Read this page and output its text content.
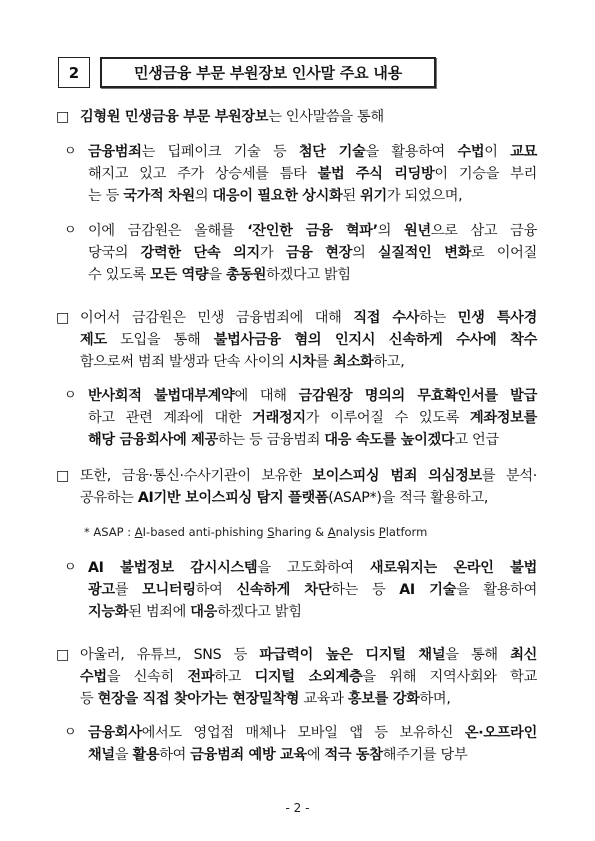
2	민생금융 부문 부원장보 인사말 주요 내용
□ 김형원 민생금융 부문 부원장보는 인사말씀을 통해
ㅇ 금융범죄는 딥페이크 기술 등 첨단 기술을 활용하여 수법이 교묘
해지고 있고 주가 상승세를 틈타 불법 주식 리딩방이 기승을 부리
는 등 국가적 차원의 대응이 필요한 상시화된 위기가 되었으며,
ㅇ 이에 금감원은 올해를 ‘잔인한 금융 혁파’의 원년으로 삼고 금융
당국의 강력한 단속 의지가 금융 현장의 실질적인 변화로 이어질
수 있도록 모든 역량을 총동원하겠다고 밝힘
□ 이어서 금감원은 민생 금융범죄에 대해 직접 수사하는 민생 특사경
제도 도입을 통해 불법사금융 혐의 인지시 신속하게 수사에 착수
함으로써 범죄 발생과 단속 사이의 시차를 최소화하고,
ㅇ 반사회적 불법대부계약에 대해 금감원장 명의의 무효확인서를 발급
하고 관련 계좌에 대한 거래정지가 이루어질 수 있도록 계좌정보를
해당 금융회사에 제공하는 등 금융범죄 대응 속도를 높이겠다고 언급
□ 또한, 금융·통신·수사기관이 보유한 보이스피싱 범죄 의심정보를 분석·
공유하는 AI기반 보이스피싱 탐지 플랫폼(ASAP*)을 적극 활용하고,
ㅇ AI 불법정보 감시시스템을 고도화하여 새로워지는 온라인 불법
광고를 모니터링하여 신속하게 차단하는 등 AI 기술을 활용하여
지능화된 범죄에 대응하겠다고 밝힘
□ 아울러, 유튜브, SNS 등 파급력이 높은 디지털 채널을 통해 최신
수법을 신속히 전파하고 디지털 소외계층을 위해 지역사회와 학교
등 현장을 직접 찾아가는 현장밀착형 교육과 홍보를 강화하며,
ㅇ 금융회사에서도 영업점 매체나 모바일 앱 등 보유하신 온·오프라인
채널을 활용하여 금융범죄 예방 교육에 적극 동참해주기를 당부
* ASAP : AI-based anti-phishing Sharing & Analysis Platform
- 2 -
